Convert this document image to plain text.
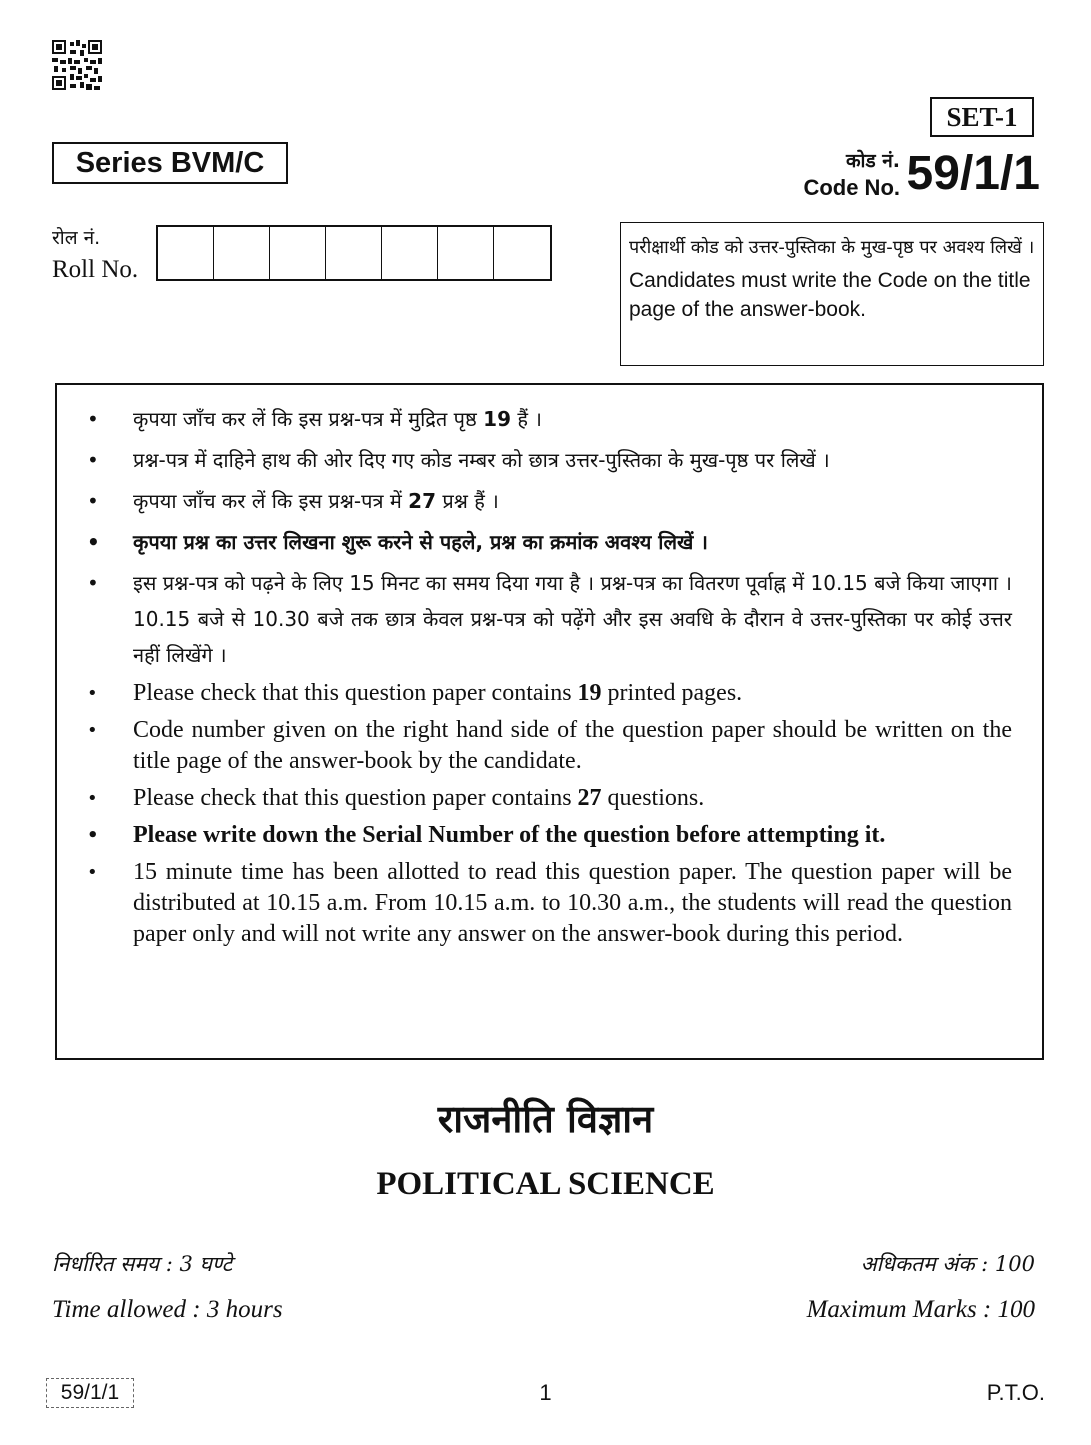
SET-1
Series BVM/C	कोड नं.
Code No. 59/1/1
रोल नं.
Roll No.
परीक्षार्थी कोड को उत्तर-पुस्तिका के मुख-पृष्ठ पर अवश्य लिखें ।
Candidates must write the Code on the title page of the answer-book.
• कृपया जाँच कर लें कि इस प्रश्न-पत्र में मुद्रित पृष्ठ 19 हैं ।
• प्रश्न-पत्र में दाहिने हाथ की ओर दिए गए कोड नम्बर को छात्र उत्तर-पुस्तिका के मुख-पृष्ठ पर लिखें ।
• कृपया जाँच कर लें कि इस प्रश्न-पत्र में 27 प्रश्न हैं ।
• कृपया प्रश्न का उत्तर लिखना शुरू करने से पहले, प्रश्न का क्रमांक अवश्य लिखें ।
• इस प्रश्न-पत्र को पढ़ने के लिए 15 मिनट का समय दिया गया है । प्रश्न-पत्र का वितरण पूर्वाह्न में 10.15 बजे किया जाएगा । 10.15 बजे से 10.30 बजे तक छात्र केवल प्रश्न-पत्र को पढ़ेंगे और इस अवधि के दौरान वे उत्तर-पुस्तिका पर कोई उत्तर नहीं लिखेंगे ।
• Please check that this question paper contains 19 printed pages.
• Code number given on the right hand side of the question paper should be written on the title page of the answer-book by the candidate.
• Please check that this question paper contains 27 questions.
• Please write down the Serial Number of the question before attempting it.
• 15 minute time has been allotted to read this question paper. The question paper will be distributed at 10.15 a.m. From 10.15 a.m. to 10.30 a.m., the students will read the question paper only and will not write any answer on the answer-book during this period.
राजनीति विज्ञान
POLITICAL SCIENCE
निर्धारित समय : 3 घण्टे
Time allowed : 3 hours
अधिकतम अंक : 100
Maximum Marks : 100
59/1/1	1	P.T.O.
